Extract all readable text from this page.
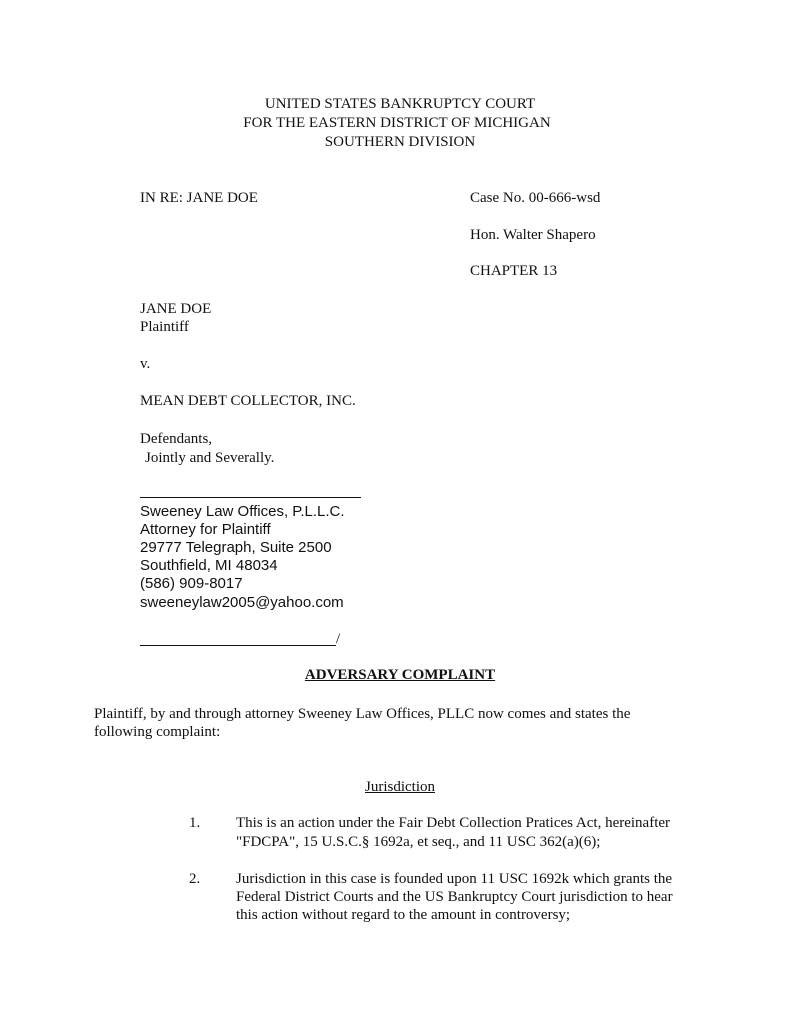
UNITED STATES BANKRUPTCY COURT
FOR THE EASTERN DISTRICT OF MICHIGAN
SOUTHERN DIVISION
IN RE: JANE DOE
JANE DOE
Plaintiff
v.
MEAN DEBT COLLECTOR, INC.
Defendants,
Jointly and Severally.
Case No. 00-666-wsd
Hon. Walter Shapero
CHAPTER 13
Sweeney Law Offices, P.L.L.C.
Attorney for Plaintiff
29777 Telegraph, Suite 2500
Southfield, MI 48034
(586) 909-8017
sweeneylaw2005@yahoo.com
/
ADVERSARY COMPLAINT
Plaintiff, by and through attorney Sweeney Law Offices, PLLC now comes and states the
following complaint:
Jurisdiction
1. This is an action under the Fair Debt Collection Pratices Act, hereinafter
"FDCPA", 15 U.S.C.§ 1692a, et seq., and 11 USC 362(a)(6);
2. Jurisdiction in this case is founded upon 11 USC 1692k which grants the
Federal District Courts and the US Bankruptcy Court jurisdiction to hear
this action without regard to the amount in controversy;
